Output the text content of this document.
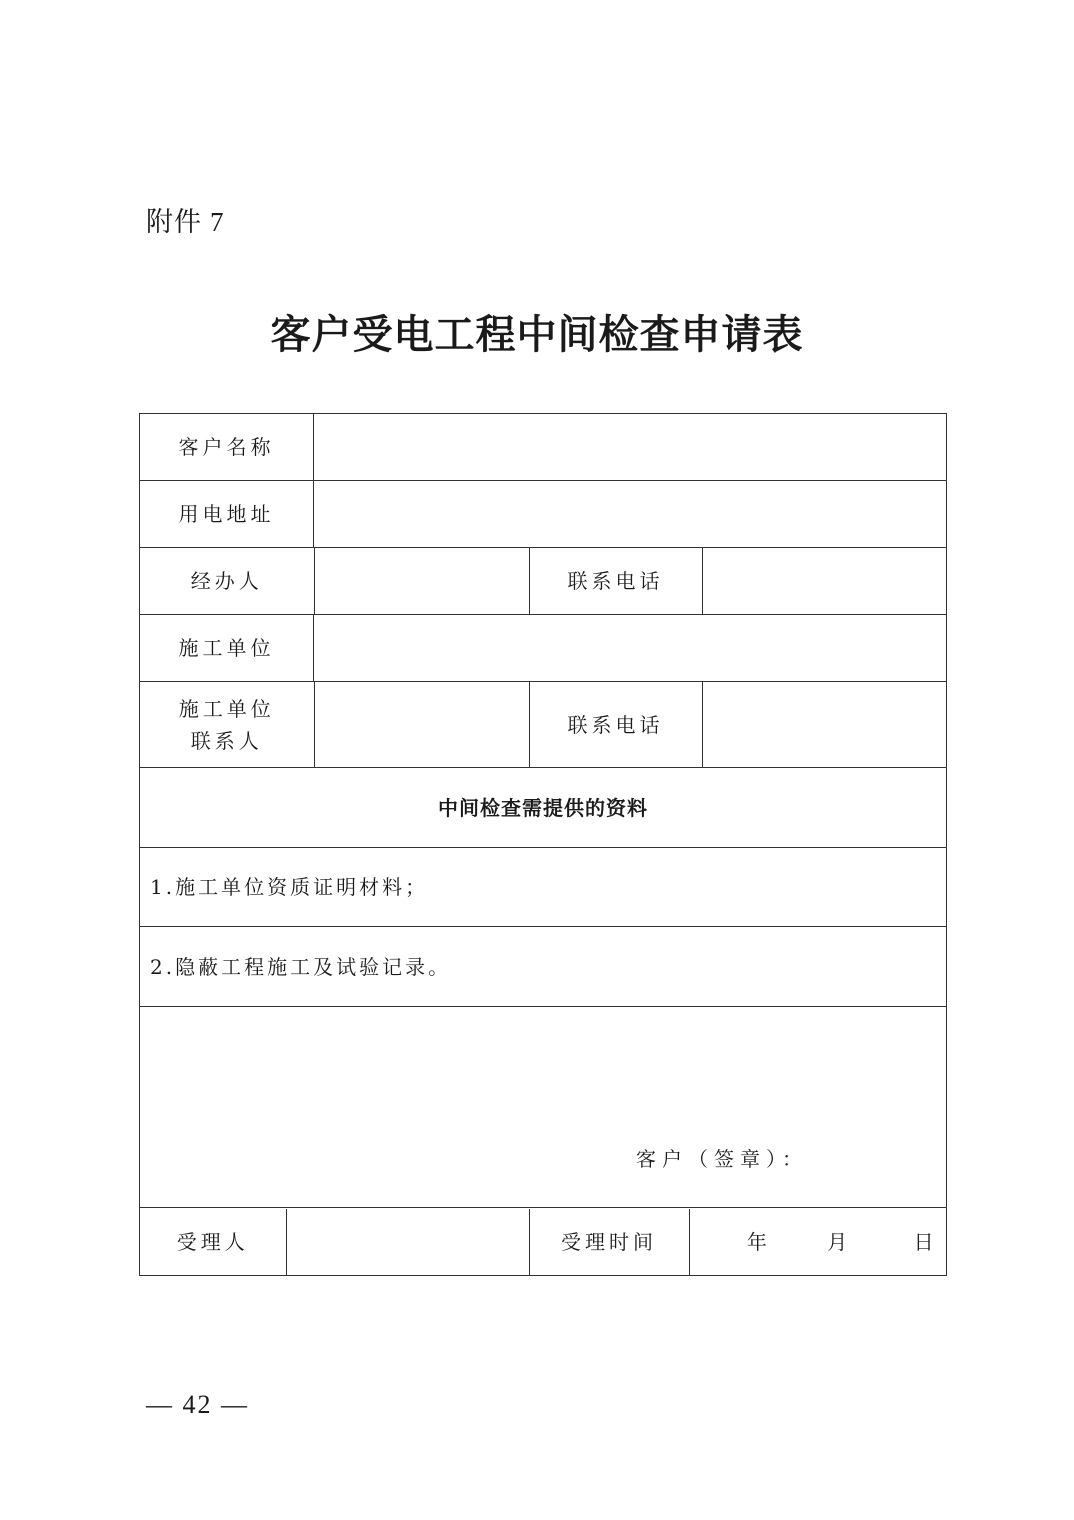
附件 7
客户受电工程中间检查申请表
客户名称	
用电地址	

经办人		联系电话	

施工单位	

施工单位
联系人
		联系电话	

中间检查需提供的资料
1.施工单位资质证明材料；
2.隐蔽工程施工及试验记录。

客户（签章）：

受理人		受理时间	年	月	日
— 42 —
